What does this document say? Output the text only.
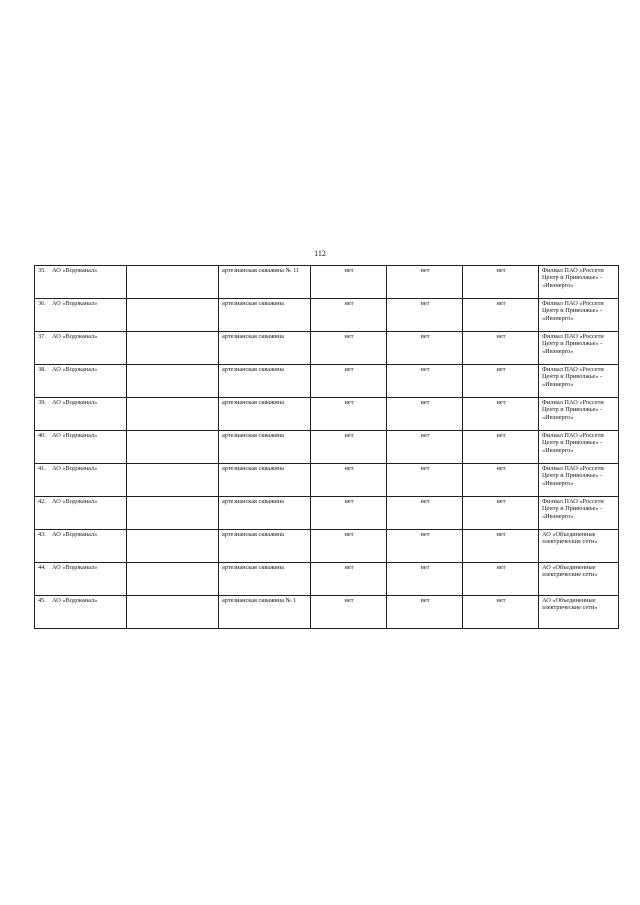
112
35. АО «Водоканал»		артезианская скважина № 11	нет	нет	нет	Филиал ПАО «Россети Центр и Приволжье» - «Ивэнерго»
36. АО «Водоканал»		артезианская скважина	нет	нет	нет	Филиал ПАО «Россети Центр и Приволжье» - «Ивэнерго»
37. АО «Водоканал»		артезианская скважина	нет	нет	нет	Филиал ПАО «Россети Центр и Приволжье» - «Ивэнерго»
38. АО «Водоканал»		артезианская скважина	нет	нет	нет	Филиал ПАО «Россети Центр и Приволжье» - «Ивэнерго»
39. АО «Водоканал»		артезианская скважина	нет	нет	нет	Филиал ПАО «Россети Центр и Приволжье» - «Ивэнерго»
40. АО «Водоканал»		артезианская скважина	нет	нет	нет	Филиал ПАО «Россети Центр и Приволжье» - «Ивэнерго»
41. АО «Водоканал»		артезианская скважина	нет	нет	нет	Филиал ПАО «Россети Центр и Приволжье» - «Ивэнерго»
42. АО «Водоканал»		артезианская скважина	нет	нет	нет	Филиал ПАО «Россети Центр и Приволжье» - «Ивэнерго»
43. АО «Водоканал»		артезианская скважина	нет	нет	нет	АО «Объединенные электрические сети»
44. АО «Водоканал»		артезианская скважина	нет	нет	нет	АО «Объединенные электрические сети»
45. АО «Водоканал»		артезианская скважина № 1	нет	нет	нет	АО «Объединенные электрические сети»
